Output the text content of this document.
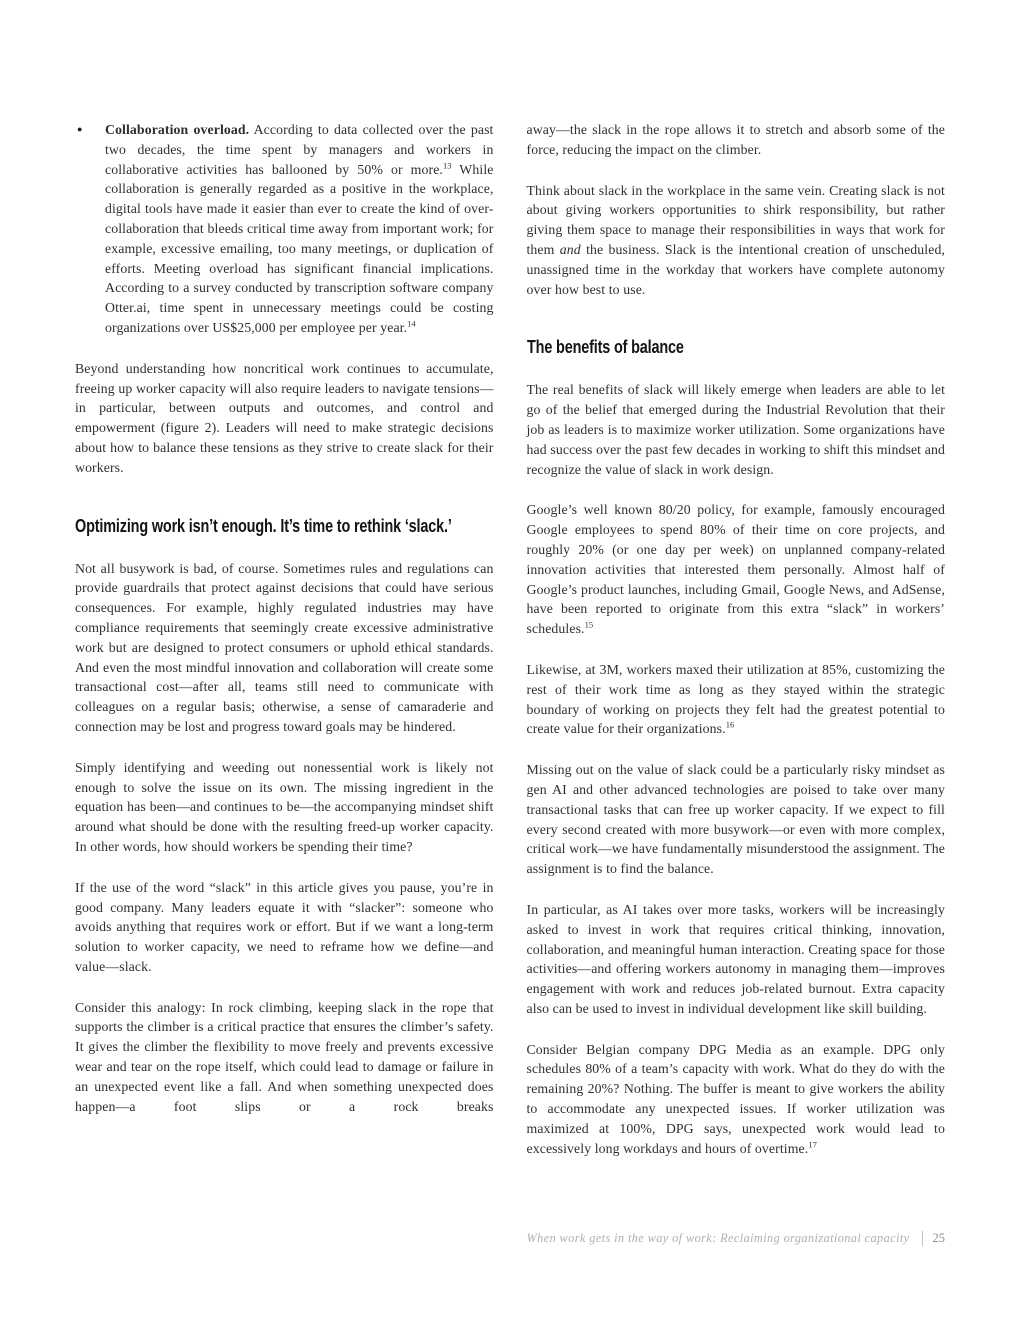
●	Collaboration overload. According to data collected over the past two decades, the time spent by managers and workers in collaborative activities has ballooned by 50% or more.$^{13}$ While collaboration is generally regarded as a positive in the workplace, digital tools have made it easier than ever to create the kind of over-collaboration that bleeds critical time away from important work; for example, excessive emailing, too many meetings, or duplication of efforts. Meeting overload has significant financial implications. According to a survey conducted by transcription software company Otter.ai, time spent in unnecessary meetings could be costing organizations over US$25,000 per employee per year.$^{14}$

Beyond understanding how noncritical work continues to accumulate, freeing up worker capacity will also require leaders to navigate tensions—in particular, between outputs and outcomes, and control and empowerment (figure 2). Leaders will need to make strategic decisions about how to balance these tensions as they strive to create slack for their workers.

Optimizing work isn’t enough. It’s time to rethink ‘slack.’

Not all busywork is bad, of course. Sometimes rules and regulations can provide guardrails that protect against decisions that could have serious consequences. For example, highly regulated industries may have compliance requirements that seemingly create excessive administrative work but are designed to protect consumers or uphold ethical standards. And even the most mindful innovation and collaboration will create some transactional cost—after all, teams still need to communicate with colleagues on a regular basis; otherwise, a sense of camaraderie and connection may be lost and progress toward goals may be hindered.

Simply identifying and weeding out nonessential work is likely not enough to solve the issue on its own. The missing ingredient in the equation has been—and continues to be—the accompanying mindset shift around what should be done with the resulting freed-up worker capacity. In other words, how should workers be spending their time?

If the use of the word “slack” in this article gives you pause, you’re in good company. Many leaders equate it with “slacker”: someone who avoids anything that requires work or effort. But if we want a long-term solution to worker capacity, we need to reframe how we define—and value—slack.

Consider this analogy: In rock climbing, keeping slack in the rope that supports the climber is a critical practice that ensures the climber’s safety. It gives the climber the flexibility to move freely and prevents excessive wear and tear on the rope itself, which could lead to damage or failure in an unexpected event like a fall. And when something unexpected does happen—a foot slips or a rock breaks

away—the slack in the rope allows it to stretch and absorb some of the force, reducing the impact on the climber.

Think about slack in the workplace in the same vein. Creating slack is not about giving workers opportunities to shirk responsibility, but rather giving them space to manage their responsibilities in ways that work for them and the business. Slack is the intentional creation of unscheduled, unassigned time in the workday that workers have complete autonomy over how best to use.

The benefits of balance

The real benefits of slack will likely emerge when leaders are able to let go of the belief that emerged during the Industrial Revolution that their job as leaders is to maximize worker utilization. Some organizations have had success over the past few decades in working to shift this mindset and recognize the value of slack in work design.

Google’s well known 80/20 policy, for example, famously encouraged Google employees to spend 80% of their time on core projects, and roughly 20% (or one day per week) on unplanned company-related innovation activities that interested them personally. Almost half of Google’s product launches, including Gmail, Google News, and AdSense, have been reported to originate from this extra “slack” in workers’ schedules.$^{15}$

Likewise, at 3M, workers maxed their utilization at 85%, customizing the rest of their work time as long as they stayed within the strategic boundary of working on projects they felt had the greatest potential to create value for their organizations.$^{16}$

Missing out on the value of slack could be a particularly risky mindset as gen AI and other advanced technologies are poised to take over many transactional tasks that can free up worker capacity. If we expect to fill every second created with more busywork—or even with more complex, critical work—we have fundamentally misunderstood the assignment. The assignment is to find the balance.

In particular, as AI takes over more tasks, workers will be increasingly asked to invest in work that requires critical thinking, innovation, collaboration, and meaningful human interaction. Creating space for those activities—and offering workers autonomy in managing them—improves engagement with work and reduces job-related burnout. Extra capacity also can be used to invest in individual development like skill building.

Consider Belgian company DPG Media as an example. DPG only schedules 80% of a team’s capacity with work. What do they do with the remaining 20%? Nothing. The buffer is meant to give workers the ability to accommodate any unexpected issues. If worker utilization was maximized at 100%, DPG says, unexpected work would lead to excessively long workdays and hours of overtime.$^{17}$

When work gets in the way of work: Reclaiming organizational capacity 25
